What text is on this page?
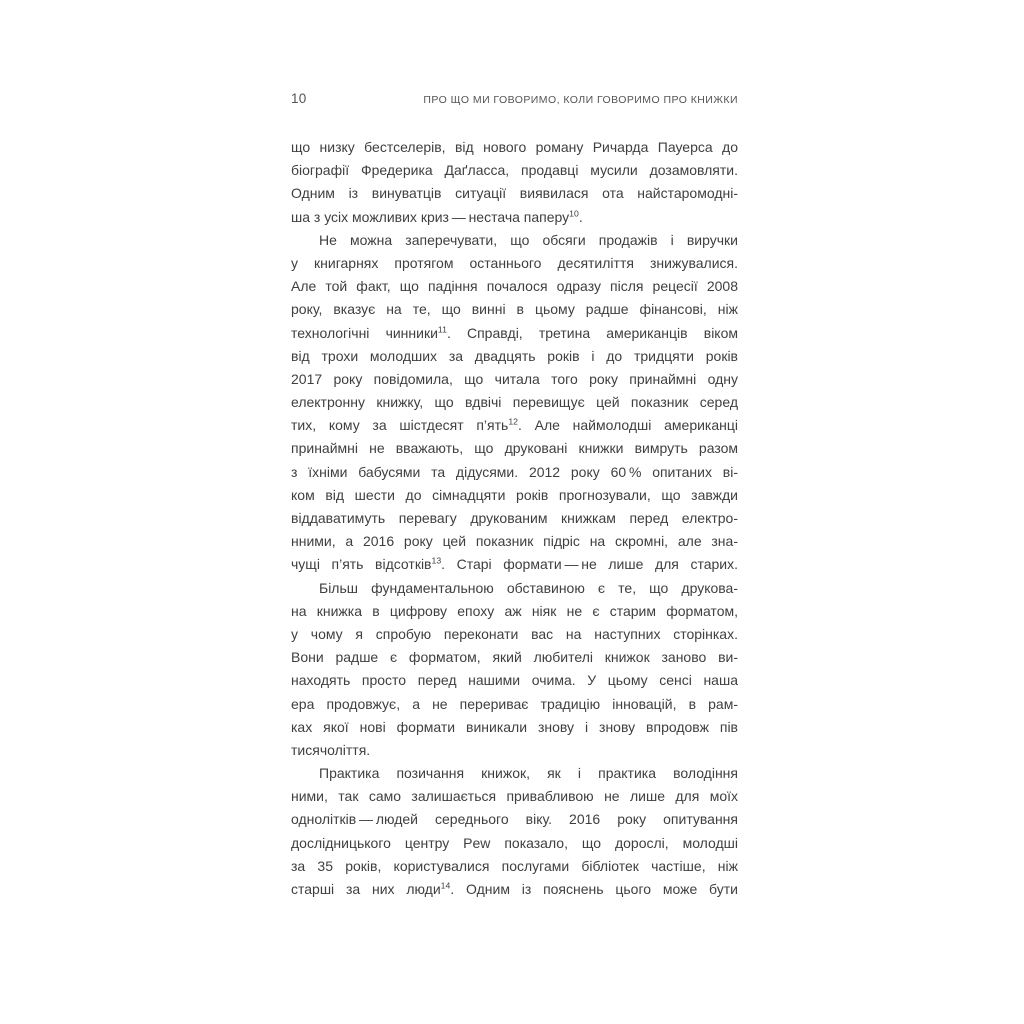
10	ПРО ЩО МИ ГОВОРИМО, КОЛИ ГОВОРИМО ПРО КНИЖКИ
що низку бестселерів, від нового роману Ричарда Пауерса до
біографії Фредерика Даґласса, продавці мусили дозамовляти.
Одним із винуватців ситуації виявилася ота найстаромодні-
ша з усіх можливих криз — нестача паперу$^{10}$.
Не можна заперечувати, що обсяги продажів і виручки
у книгарнях протягом останнього десятиліття знижувалися.
Але той факт, що падіння почалося одразу після рецесії 2008
року, вказує на те, що винні в цьому радше фінансові, ніж
технологічні чинники$^{11}$. Справді, третина американців віком
від трохи молодших за двадцять років і до тридцяти років
2017 року повідомила, що читала того року принаймні одну
електронну книжку, що вдвічі перевищує цей показник серед
тих, кому за шістдесят п’ять$^{12}$. Але наймолодші американці
принаймні не вважають, що друковані книжки вимруть разом
з їхніми бабусями та дідусями. 2012 року 60 % опитаних ві-
ком від шести до сімнадцяти років прогнозували, що завжди
віддаватимуть перевагу друкованим книжкам перед електро-
нними, а 2016 року цей показник підріс на скромні, але зна-
чущі п’ять відсотків$^{13}$. Старі формати — не лише для старих.
Більш фундаментальною обставиною є те, що друкова-
на книжка в цифрову епоху аж ніяк не є старим форматом,
у чому я спробую переконати вас на наступних сторінках.
Вони радше є форматом, який любителі книжок заново ви-
находять просто перед нашими очима. У цьому сенсі наша
ера продовжує, а не перериває традицію інновацій, в рам-
ках якої нові формати виникали знову і знову впродовж пів
тисячоліття.
Практика позичання книжок, як і практика володіння
ними, так само залишається привабливою не лише для моїх
однолітків — людей середнього віку. 2016 року опитування
дослідницького центру Pew показало, що дорослі, молодші
за 35 років, користувалися послугами бібліотек частіше, ніж
старші за них люди$^{14}$. Одним із пояснень цього може бути
